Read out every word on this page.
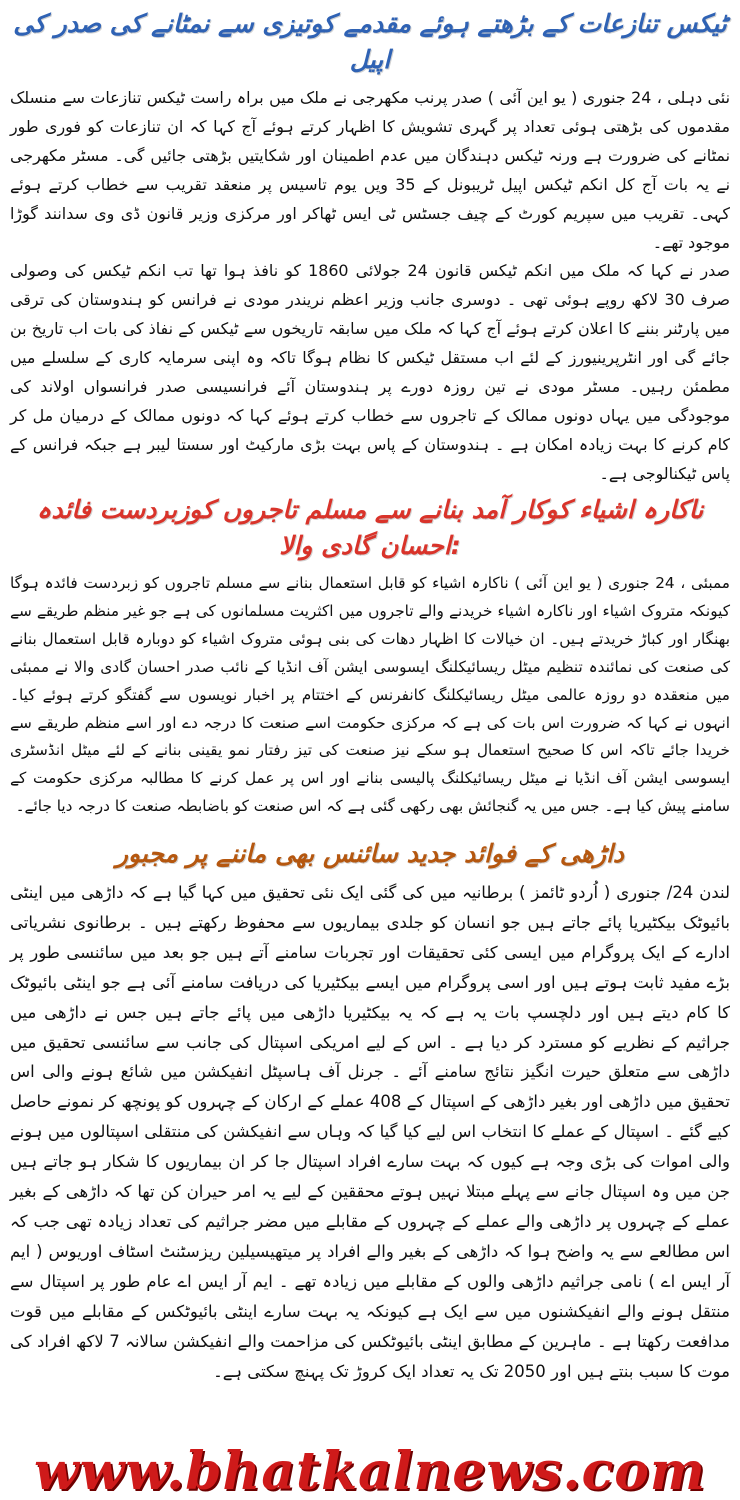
ٹیکس تنازعات کے بڑھتے ہوئے مقدمے کوتیزی سے نمٹانے کی صدر کی اپیل

نئی دہلی ، 24 جنوری ( یو این آئی ) صدر پرنب مکھرجی نے ملک میں براہ راست ٹیکس تنازعات سے منسلک مقدموں کی بڑھتی ہوئی تعداد پر گہری تشویش کا اظہار کرتے ہوئے آج کہا کہ ان تنازعات کو فوری طور نمٹانے کی ضرورت ہے ورنہ ٹیکس دہندگان میں عدم اطمینان اور شکایتیں بڑھتی جائیں گی۔ مسٹر مکھرجی نے یہ بات آج کل انکم ٹیکس اپیل ٹریبونل کے 35 ویں یوم تاسیس پر منعقد تقریب سے خطاب کرتے ہوئے کہی۔ تقریب میں سپریم کورٹ کے چیف جسٹس ٹی ایس ٹھاکر اور مرکزی وزیر قانون ڈی وی سدانند گوڑا موجود تھے۔

صدر نے کہا کہ ملک میں انکم ٹیکس قانون 24 جولائی 1860 کو نافذ ہوا تھا تب انکم ٹیکس کی وصولی صرف 30 لاکھ روپے ہوئی تھی ۔ دوسری جانب وزیر اعظم نریندر مودی نے فرانس کو ہندوستان کی ترقی میں پارٹنر بننے کا اعلان کرتے ہوئے آج کہا کہ ملک میں سابقہ تاریخوں سے ٹیکس کے نفاذ کی بات اب تاریخ بن جائے گی اور انٹرپرینیورز کے لئے اب مستقل ٹیکس کا نظام ہوگا تاکہ وہ اپنی سرمایہ کاری کے سلسلے میں مطمئن رہیں۔ مسٹر مودی نے تین روزہ دورے پر ہندوستان آئے فرانسیسی صدر فرانسواں اولاند کی موجودگی میں یہاں دونوں ممالک کے تاجروں سے خطاب کرتے ہوئے کہا کہ دونوں ممالک کے درمیان مل کر کام کرنے کا بہت زیادہ امکان ہے ۔ ہندوستان کے پاس بہت بڑی مارکیٹ اور سستا لیبر ہے جبکہ فرانس کے پاس ٹیکنالوجی ہے۔

ناکارہ اشیاء کوکار آمد بنانے سے مسلم تاجروں کوزبردست فائدہ :احسان گادی والا

ممبئی ، 24 جنوری ( یو این آئی ) ناکارہ اشیاء کو قابل استعمال بنانے سے مسلم تاجروں کو زبردست فائدہ ہوگا کیونکہ متروک اشیاء اور ناکارہ اشیاء خریدنے والے تاجروں میں اکثریت مسلمانوں کی ہے جو غیر منظم طریقے سے بھنگار اور کباڑ خریدتے ہیں۔ ان خیالات کا اظہار دھات کی بنی ہوئی متروک اشیاء کو دوبارہ قابل استعمال بنانے کی صنعت کی نمائندہ تنظیم میٹل ریسائیکلنگ ایسوسی ایشن آف انڈیا کے نائب صدر احسان گادی والا نے ممبئی میں منعقدہ دو روزہ عالمی میٹل ریسائیکلنگ کانفرنس کے اختتام پر اخبار نویسوں سے گفتگو کرتے ہوئے کیا۔ انہوں نے کہا کہ ضرورت اس بات کی ہے کہ مرکزی حکومت اسے صنعت کا درجہ دے اور اسے منظم طریقے سے خریدا جائے تاکہ اس کا صحیح استعمال ہو سکے نیز صنعت کی تیز رفتار نمو یقینی بنانے کے لئے میٹل انڈسٹری ایسوسی ایشن آف انڈیا نے میٹل ریسائیکلنگ پالیسی بنانے اور اس پر عمل کرنے کا مطالبہ مرکزی حکومت کے سامنے پیش کیا ہے۔ جس میں یہ گنجائش بھی رکھی گئی ہے کہ اس صنعت کو باضابطہ صنعت کا درجہ دیا جائے۔

داڑھی کے فوائد جدید سائنس بھی ماننے پر مجبور

لندن 24/ جنوری ( اُردو ٹائمز ) برطانیہ میں کی گئی ایک نئی تحقیق میں کہا گیا ہے کہ داڑھی میں اینٹی بائیوٹک بیکٹیریا پائے جاتے ہیں جو انسان کو جلدی بیماریوں سے محفوظ رکھتے ہیں ۔ برطانوی نشریاتی ادارے کے ایک پروگرام میں ایسی کئی تحقیقات اور تجربات سامنے آتے ہیں جو بعد میں سائنسی طور پر بڑے مفید ثابت ہوتے ہیں اور اسی پروگرام میں ایسے بیکٹیریا کی دریافت سامنے آئی ہے جو اینٹی بائیوٹک کا کام دیتے ہیں اور دلچسپ بات یہ ہے کہ یہ بیکٹیریا داڑھی میں پائے جاتے ہیں جس نے داڑھی میں جراثیم کے نظریے کو مسترد کر دیا ہے ۔ اس کے لیے امریکی اسپتال کی جانب سے سائنسی تحقیق میں داڑھی سے متعلق حیرت انگیز نتائج سامنے آئے ۔ جرنل آف ہاسپٹل انفیکشن میں شائع ہونے والی اس تحقیق میں داڑھی اور بغیر داڑھی کے اسپتال کے 408 عملے کے ارکان کے چہروں کو پونچھ کر نمونے حاصل کیے گئے ۔ اسپتال کے عملے کا انتخاب اس لیے کیا گیا کہ وہاں سے انفیکشن کی منتقلی اسپتالوں میں ہونے والی اموات کی بڑی وجہ ہے کیوں کہ بہت سارے افراد اسپتال جا کر ان بیماریوں کا شکار ہو جاتے ہیں جن میں وہ اسپتال جانے سے پہلے مبتلا نہیں ہوتے محققین کے لیے یہ امر حیران کن تھا کہ داڑھی کے بغیر عملے کے چہروں پر داڑھی والے عملے کے چہروں کے مقابلے میں مضر جراثیم کی تعداد زیادہ تھی جب کہ اس مطالعے سے یہ واضح ہوا کہ داڑھی کے بغیر والے افراد پر میتھیسیلین ریزسٹنٹ اسٹاف اوریوس ( ایم آر ایس اے ) نامی جراثیم داڑھی والوں کے مقابلے میں زیادہ تھے ۔ ایم آر ایس اے عام طور پر اسپتال سے منتقل ہونے والے انفیکشنوں میں سے ایک ہے کیونکہ یہ بہت سارے اینٹی بائیوٹکس کے مقابلے میں قوت مدافعت رکھتا ہے ۔ ماہرین کے مطابق اینٹی بائیوٹکس کی مزاحمت والے انفیکشن سالانہ 7 لاکھ افراد کی موت کا سبب بنتے ہیں اور 2050 تک یہ تعداد ایک کروڑ تک پہنچ سکتی ہے۔

www.bhatkalnews.com
